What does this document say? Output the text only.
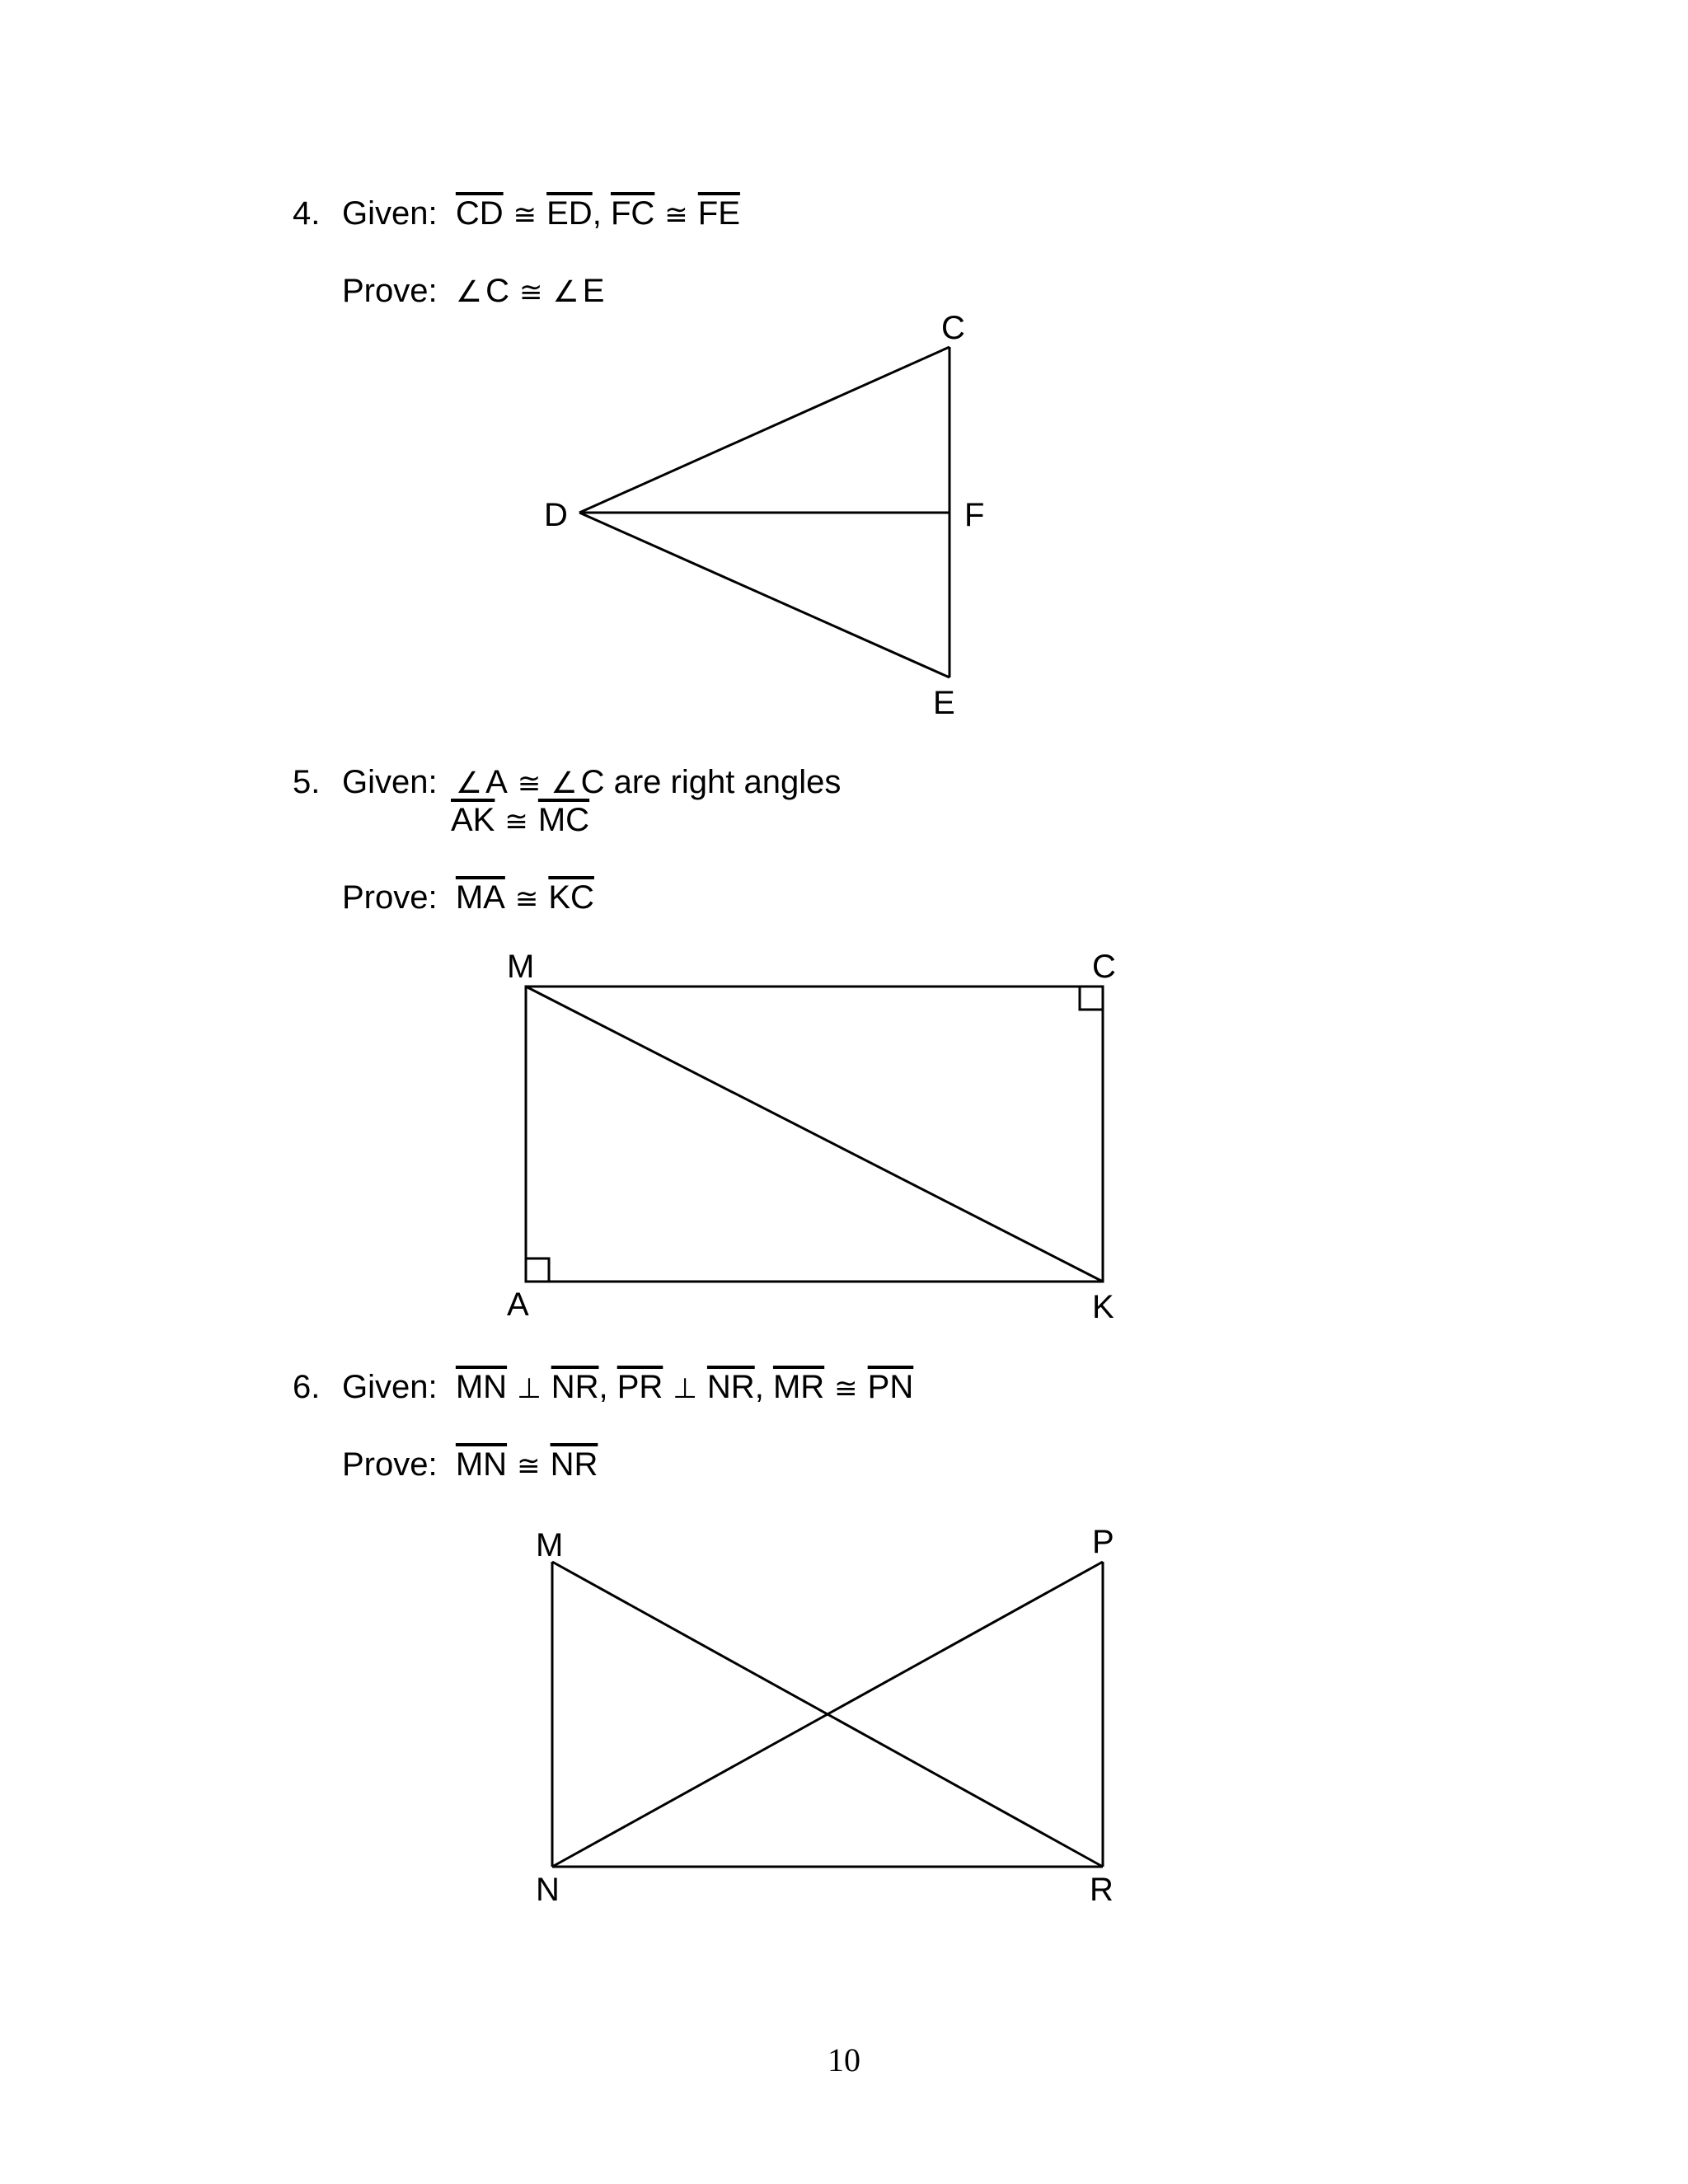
4. Given: $\overline{CD}$ ≅ $\overline{ED}$, $\overline{FC}$ ≅ $\overline{FE}$
Prove: ∠ C ≅ ∠ E
C
D	F
E
5. Given: ∠ A ≅ ∠ C are right angles
$\overline{AK}$ ≅ $\overline{MC}$
Prove: $\overline{MA}$ ≅ $\overline{KC}$
M	C
A	K
6. Given: $\overline{MN}$ ⊥ $\overline{NR}$, $\overline{PR}$ ⊥ $\overline{NR}$, $\overline{MR}$ ≅ $\overline{PN}$
Prove: $\overline{MN}$ ≅ $\overline{NR}$
M	P
N	R
10
